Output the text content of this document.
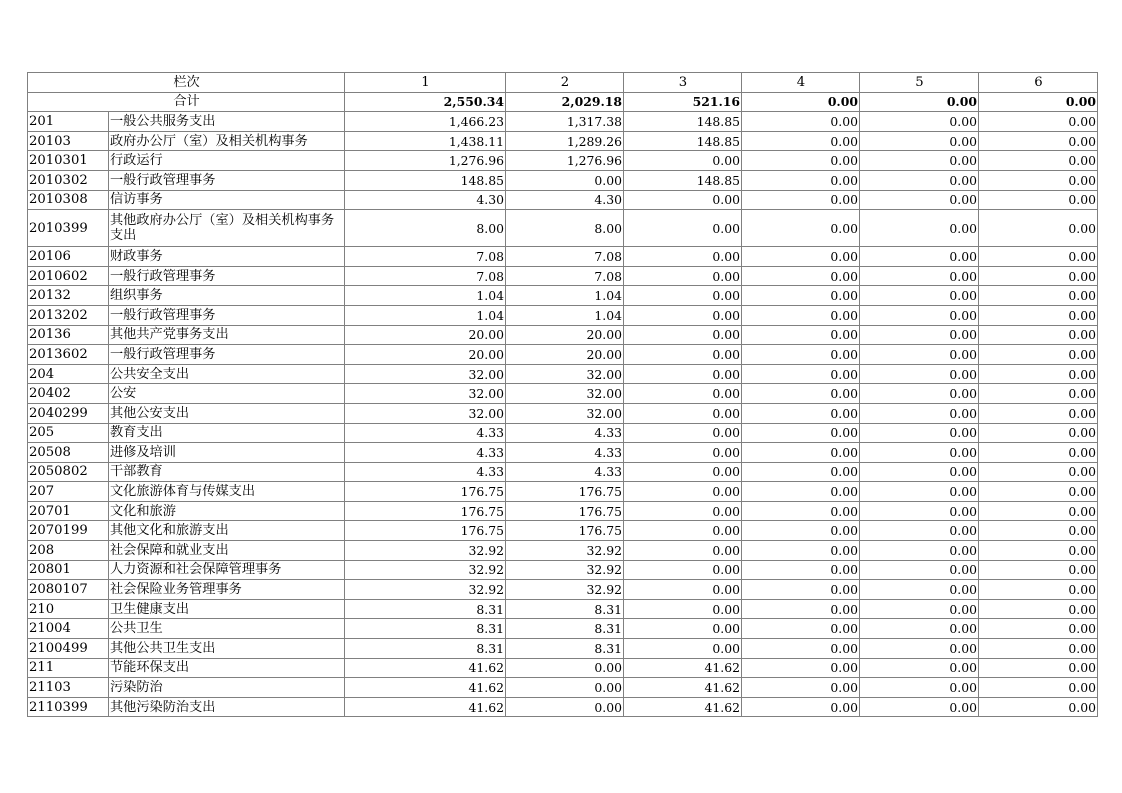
栏次		1	2	3	4	5	6
合计		2,550.34	2,029.18	521.16	0.00	0.00	0.00
201	一般公共服务支出	1,466.23	1,317.38	148.85	0.00	0.00	0.00
20103	政府办公厅（室）及相关机构事务	1,438.11	1,289.26	148.85	0.00	0.00	0.00
2010301	行政运行	1,276.96	1,276.96	0.00	0.00	0.00	0.00
2010302	一般行政管理事务	148.85	0.00	148.85	0.00	0.00	0.00
2010308	信访事务	4.30	4.30	0.00	0.00	0.00	0.00
2010399	其他政府办公厅（室）及相关机构事务支出	8.00	8.00	0.00	0.00	0.00	0.00
20106	财政事务	7.08	7.08	0.00	0.00	0.00	0.00
2010602	一般行政管理事务	7.08	7.08	0.00	0.00	0.00	0.00
20132	组织事务	1.04	1.04	0.00	0.00	0.00	0.00
2013202	一般行政管理事务	1.04	1.04	0.00	0.00	0.00	0.00
20136	其他共产党事务支出	20.00	20.00	0.00	0.00	0.00	0.00
2013602	一般行政管理事务	20.00	20.00	0.00	0.00	0.00	0.00
204	公共安全支出	32.00	32.00	0.00	0.00	0.00	0.00
20402	公安	32.00	32.00	0.00	0.00	0.00	0.00
2040299	其他公安支出	32.00	32.00	0.00	0.00	0.00	0.00
205	教育支出	4.33	4.33	0.00	0.00	0.00	0.00
20508	进修及培训	4.33	4.33	0.00	0.00	0.00	0.00
2050802	干部教育	4.33	4.33	0.00	0.00	0.00	0.00
207	文化旅游体育与传媒支出	176.75	176.75	0.00	0.00	0.00	0.00
20701	文化和旅游	176.75	176.75	0.00	0.00	0.00	0.00
2070199	其他文化和旅游支出	176.75	176.75	0.00	0.00	0.00	0.00
208	社会保障和就业支出	32.92	32.92	0.00	0.00	0.00	0.00
20801	人力资源和社会保障管理事务	32.92	32.92	0.00	0.00	0.00	0.00
2080107	社会保险业务管理事务	32.92	32.92	0.00	0.00	0.00	0.00
210	卫生健康支出	8.31	8.31	0.00	0.00	0.00	0.00
21004	公共卫生	8.31	8.31	0.00	0.00	0.00	0.00
2100499	其他公共卫生支出	8.31	8.31	0.00	0.00	0.00	0.00
211	节能环保支出	41.62	0.00	41.62	0.00	0.00	0.00
21103	污染防治	41.62	0.00	41.62	0.00	0.00	0.00
2110399	其他污染防治支出	41.62	0.00	41.62	0.00	0.00	0.00
